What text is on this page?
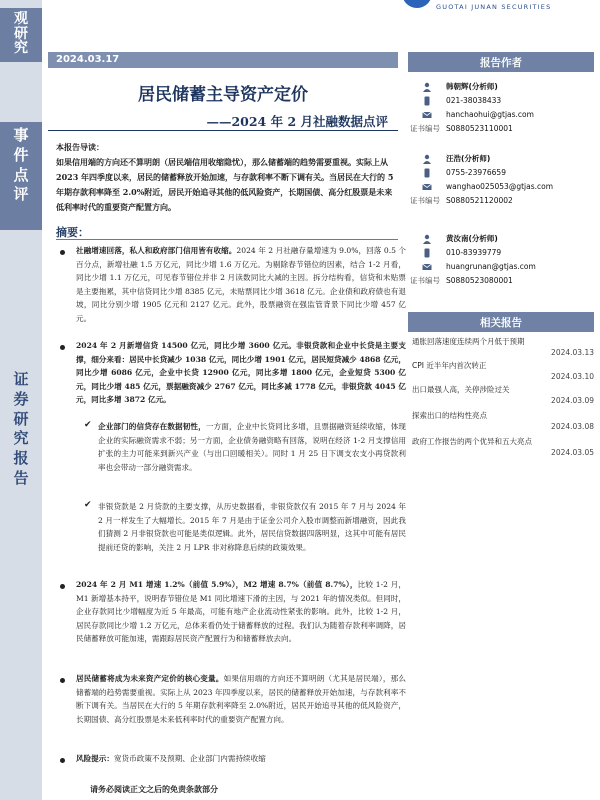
观
研
究
事
件
点
评
证
券
研
究
报
告
GUOTAI JUNAN SECURITIES
2024.03.17
居民储蓄主导资产定价
——2024 年 2 月社融数据点评

本报告导读：

如果信用端的方向还不算明朗（居民端信用收缩隐忧），那么储蓄端的趋势需要重视。实际上从 2023 年四季度以来，居民的储蓄释放开始加速，与存款利率不断下调有关。当居民在大行的 5 年期存款利率降至 2.0%附近，居民开始追寻其他的低风险资产，长期国债、高分红股票是未来低利率时代的重要资产配置方向。

摘要：
社融增速回落，私人和政府部门信用皆有收缩。2024 年 2 月社融存量增速为 9.0%，回落 0.5 个百分点，新增社融 1.5 万亿元，同比少增 1.6 万亿元。为剔除春节错位的因素，结合 1-2 月看，同比少增 1.1 万亿元，可见春节错位并非 2 月读数同比大减的主因。拆分结构看，信贷和未贴票是主要拖累，其中信贷同比少增 8385 亿元，未贴票同比少增 3618 亿元。企业债和政府债也有退坡，同比分别少增 1905 亿元和 2127 亿元。此外，股票融资在强监管背景下同比少增 457 亿元。
2024 年 2 月新增信贷 14500 亿元，同比少增 3600 亿元。非银贷款和企业中长贷是主要支撑，细分来看：居民中长贷减少 1038 亿元，同比少增 1901 亿元，居民短贷减少 4868 亿元，同比少增 6086 亿元，企业中长贷 12900 亿元，同比多增 1800 亿元，企业短贷 5300 亿元，同比少增 485 亿元，票据融资减少 2767 亿元，同比多减 1778 亿元，非银贷款 4045 亿元，同比多增 3872 亿元。
✔ 企业部门的信贷存在数据韧性，一方面，企业中长贷同比多增，且票据融资延续收缩，体现企业的实际融资需求不弱；另一方面，企业债务融资略有回落，说明在经济 1-2 月支撑信用扩张的主力可能来到新兴产业（与出口回暖相关）。同时 1 月 25 日下调支农支小再贷款利率也会带动一部分融资需求。
✔ 非银贷款是 2 月贷款的主要支撑，从历史数据看，非银贷款仅有 2015 年 7 月与 2024 年 2 月一样发生了大幅增长。2015 年 7 月是由于证金公司介入股市调整而新增融资，因此我们猜测 2 月非银贷款也可能是类似逻辑。此外，居民信贷数据四落明显，这其中可能有居民提前还贷的影响，关注 2 月 LPR 非对称降息后续的政策效果。
2024 年 2 月 M1 增速 1.2%（前值 5.9%），M2 增速 8.7%（前值 8.7%），比较 1-2 月，M1 新增基本持平，说明春节错位是 M1 同比增速下滑的主因，与 2021 年的情况类似。但同时，企业存款同比少增幅度为近 5 年最高，可能有地产企业流动性紧张的影响。此外，比较 1-2 月，居民存款同比少增 1.2 万亿元，总体来看仍处于储蓄释放的过程。我们认为随着存款利率调降，居民储蓄释放可能加速，需跟踪居民资产配置行为和储蓄释放去向。
居民储蓄将成为未来资产定价的核心变量。如果信用端的方向还不算明朗（尤其是居民端），那么储蓄端的趋势需要重视。实际上从 2023 年四季度以来，居民的储蓄释放开始加速，与存款利率不断下调有关。当居民在大行的 5 年期存款利率降至 2.0%附近，居民开始追寻其他的低风险资产，长期国债、高分红股票是未来低利率时代的重要资产配置方向。
风险提示：宽货币政策不及预期、企业部门内需持续收缩
报告作者
韩朝辉(分析师)
021-38038433
hanchaohui@gtjas.com
证书编号 S0880523110001
汪浩(分析师)
0755-23976659
wanghao025053@gtjas.com
证书编号 S0880521120002
黄汝南(分析师)
010-83939779
huangrunan@gtjas.com
证书编号 S0880523080001
相关报告
通胀回落速度连续两个月低于预期
2024.03.13
CPI 近半年内首次转正
2024.03.10
出口最强人高，关停涉险过关
2024.03.09
探索出口的结构性亮点
2024.03.08
政府工作报告的两个优异和五大亮点
2024.03.05
请务必阅读正文之后的免责条款部分
